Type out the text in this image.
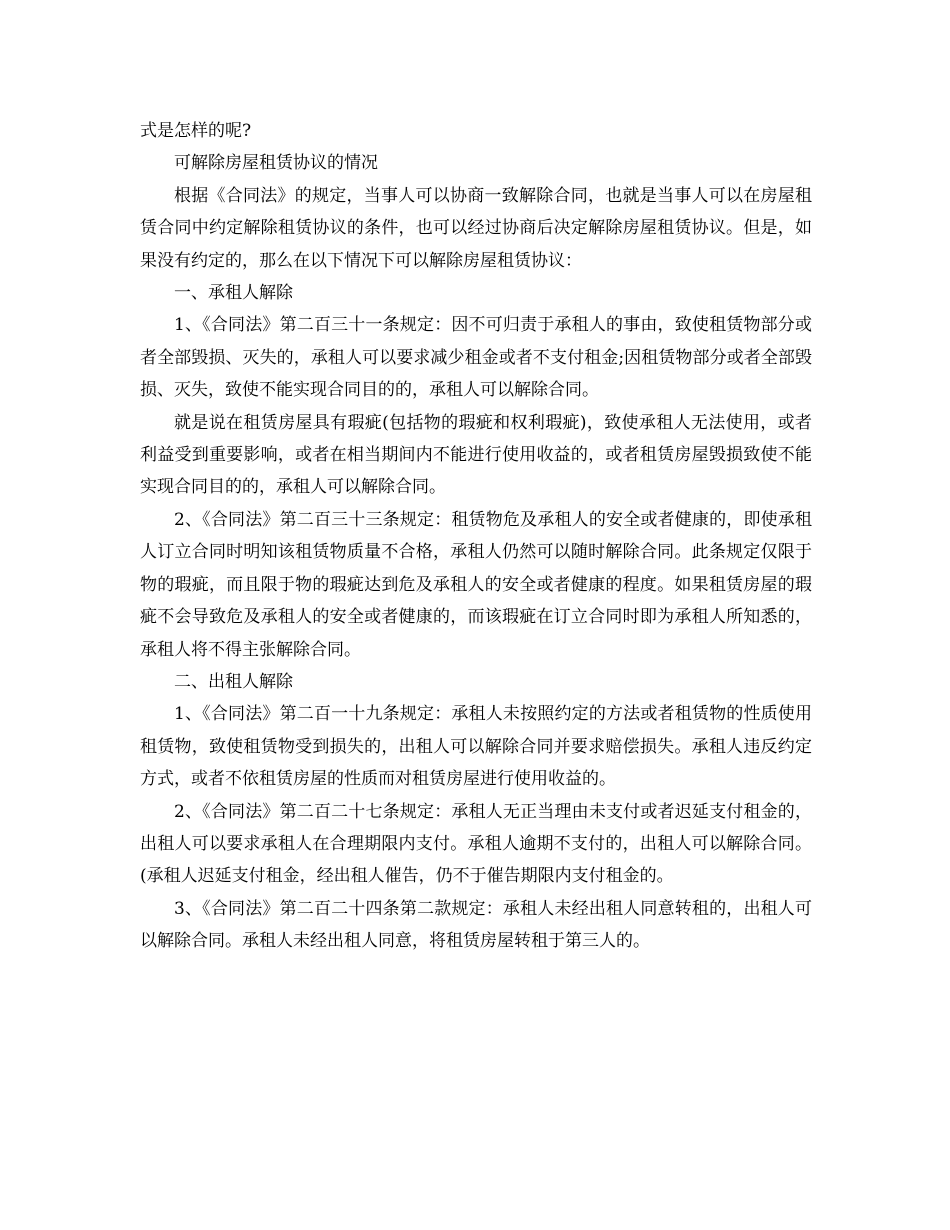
式是怎样的呢?

可解除房屋租赁协议的情况

根据《合同法》的规定，当事人可以协商一致解除合同，也就是当事人可以在房屋租赁合同中约定解除租赁协议的条件，也可以经过协商后决定解除房屋租赁协议。但是，如果没有约定的，那么在以下情况下可以解除房屋租赁协议：

一、承租人解除

1、《合同法》第二百三十一条规定：因不可归责于承租人的事由，致使租赁物部分或者全部毁损、灭失的，承租人可以要求减少租金或者不支付租金;因租赁物部分或者全部毁损、灭失，致使不能实现合同目的的，承租人可以解除合同。

就是说在租赁房屋具有瑕疵(包括物的瑕疵和权利瑕疵)，致使承租人无法使用，或者利益受到重要影响，或者在相当期间内不能进行使用收益的，或者租赁房屋毁损致使不能实现合同目的的，承租人可以解除合同。

2、《合同法》第二百三十三条规定：租赁物危及承租人的安全或者健康的，即使承租人订立合同时明知该租赁物质量不合格，承租人仍然可以随时解除合同。此条规定仅限于物的瑕疵，而且限于物的瑕疵达到危及承租人的安全或者健康的程度。如果租赁房屋的瑕疵不会导致危及承租人的安全或者健康的，而该瑕疵在订立合同时即为承租人所知悉的，承租人将不得主张解除合同。

二、出租人解除

1、《合同法》第二百一十九条规定：承租人未按照约定的方法或者租赁物的性质使用租赁物，致使租赁物受到损失的，出租人可以解除合同并要求赔偿损失。承租人违反约定方式，或者不依租赁房屋的性质而对租赁房屋进行使用收益的。

2、《合同法》第二百二十七条规定：承租人无正当理由未支付或者迟延支付租金的，出租人可以要求承租人在合理期限内支付。承租人逾期不支付的，出租人可以解除合同。(承租人迟延支付租金，经出租人催告，仍不于催告期限内支付租金的。

3、《合同法》第二百二十四条第二款规定：承租人未经出租人同意转租的，出租人可以解除合同。承租人未经出租人同意，将租赁房屋转租于第三人的。
